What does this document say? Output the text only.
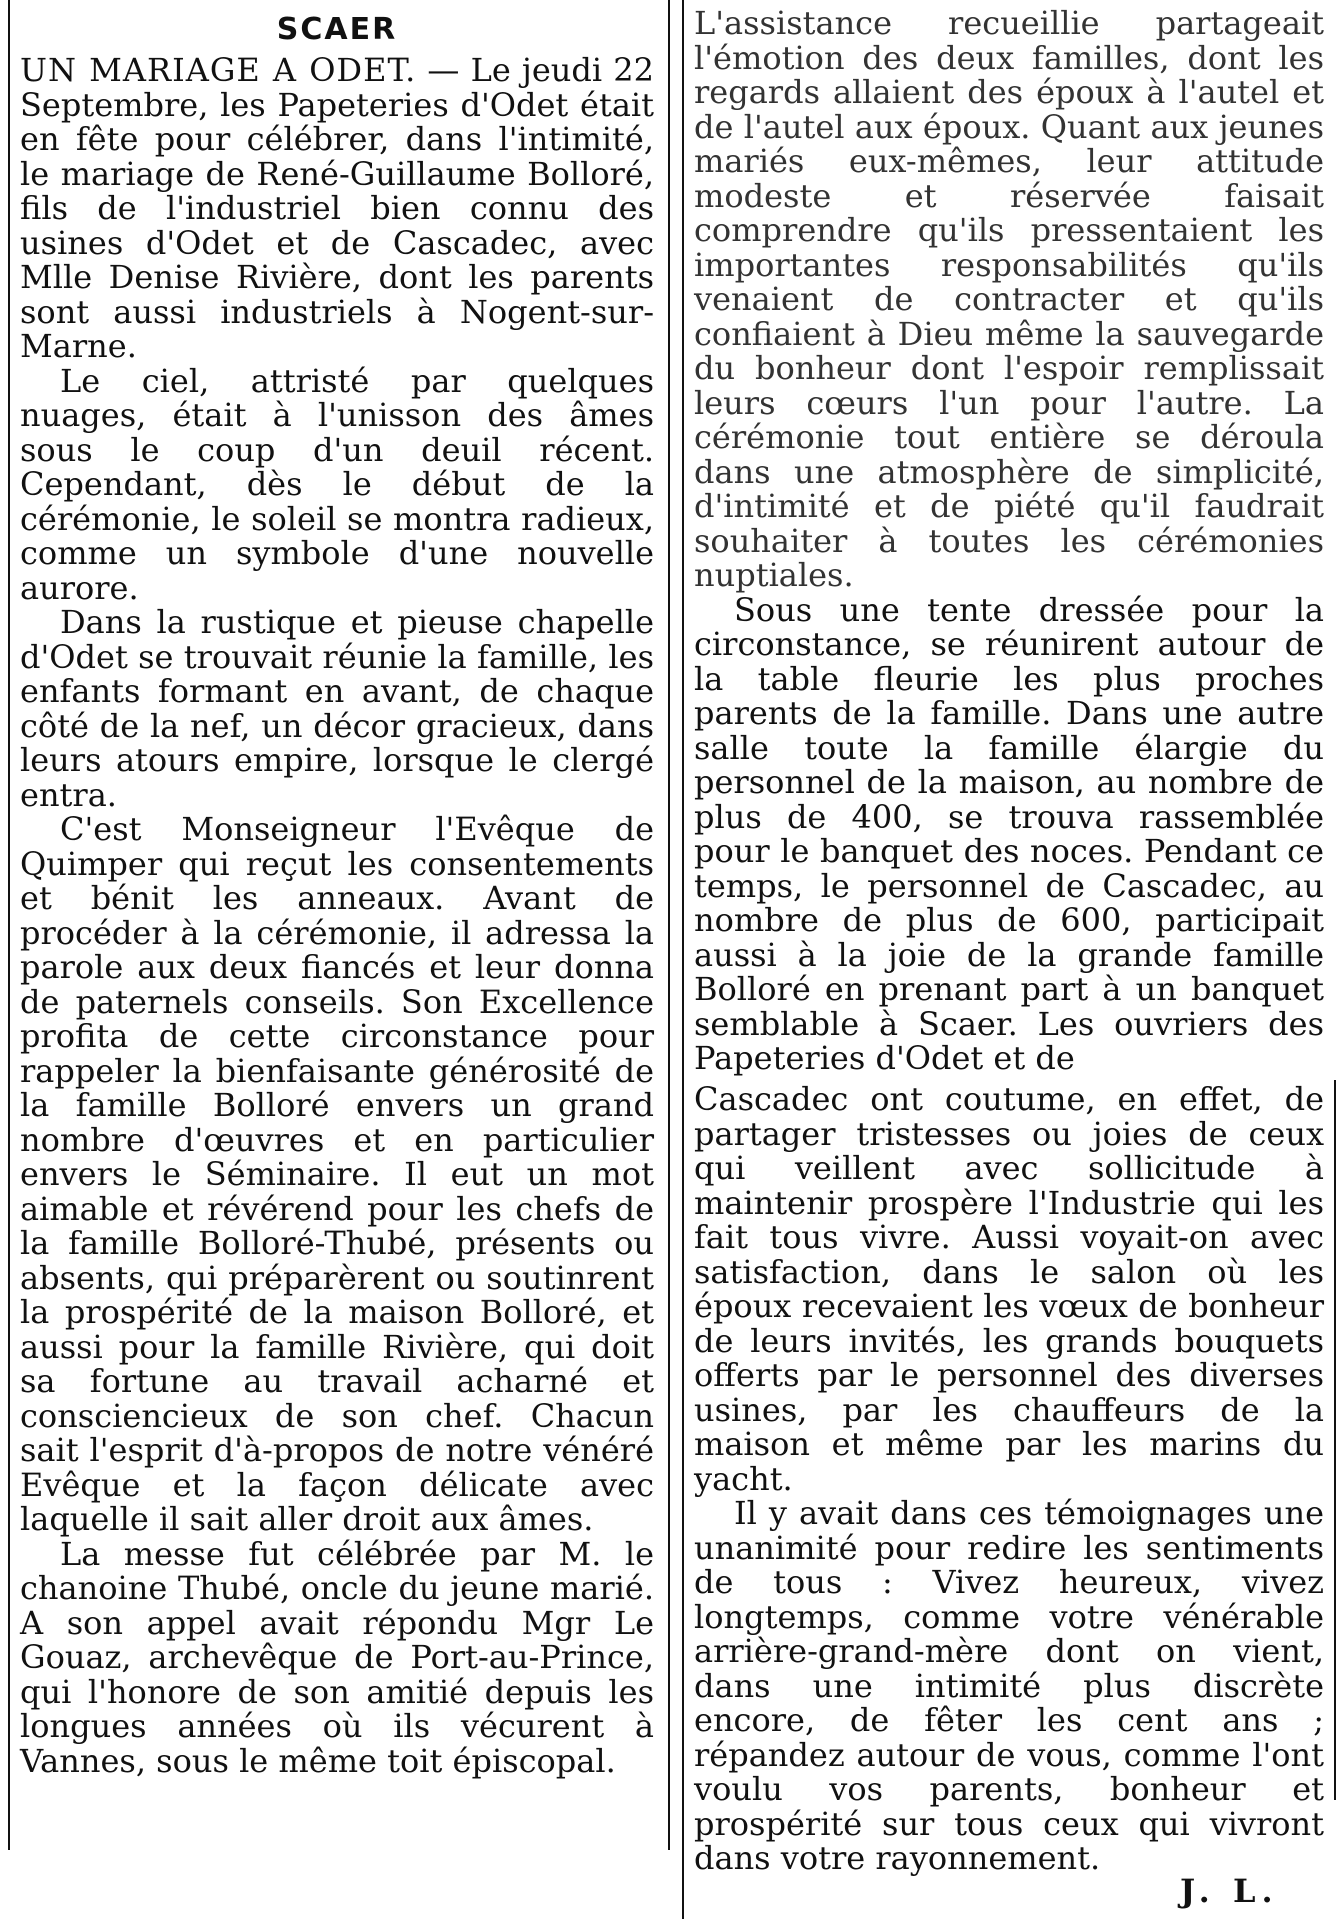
SCAER

UN MARIAGE A ODET. — Le jeudi 22 Septembre, les Papeteries d'Odet était en fête pour célébrer, dans l'intimité, le mariage de René-Guillaume Bolloré, fils de l'industriel bien connu des usines d'Odet et de Cascadec, avec Mlle Denise Rivière, dont les parents sont aussi industriels à Nogent-sur-Marne.

Le ciel, attristé par quelques nuages, était à l'unisson des âmes sous le coup d'un deuil récent. Cependant, dès le début de la cérémonie, le soleil se montra radieux, comme un symbole d'une nouvelle aurore.

Dans la rustique et pieuse chapelle d'Odet se trouvait réunie la famille, les enfants formant en avant, de chaque côté de la nef, un décor gracieux, dans leurs atours empire, lorsque le clergé entra.

C'est Monseigneur l'Evêque de Quimper qui reçut les consentements et bénit les anneaux. Avant de procéder à la cérémonie, il adressa la parole aux deux fiancés et leur donna de paternels conseils. Son Excellence profita de cette circonstance pour rappeler la bienfaisante générosité de la famille Bolloré envers un grand nombre d'œuvres et en particulier envers le Séminaire. Il eut un mot aimable et révérend pour les chefs de la famille Bolloré-Thubé, présents ou absents, qui préparèrent ou soutinrent la prospérité de la maison Bolloré, et aussi pour la famille Rivière, qui doit sa fortune au travail acharné et consciencieux de son chef. Chacun sait l'esprit d'à-propos de notre vénéré Evêque et la façon délicate avec laquelle il sait aller droit aux âmes.

La messe fut célébrée par M. le chanoine Thubé, oncle du jeune marié. A son appel avait répondu Mgr Le Gouaz, archevêque de Port-au-Prince, qui l'honore de son amitié depuis les longues années où ils vécurent à Vannes, sous le même toit épiscopal.

L'assistance recueillie partageait l'émotion des deux familles, dont les regards allaient des époux à l'autel et de l'autel aux époux. Quant aux jeunes mariés eux-mêmes, leur attitude modeste et réservée faisait comprendre qu'ils pressentaient les importantes responsabilités qu'ils venaient de contracter et qu'ils confiaient à Dieu même la sauvegarde du bonheur dont l'espoir remplissait leurs cœurs l'un pour l'autre. La cérémonie tout entière se déroula dans une atmosphère de simplicité, d'intimité et de piété qu'il faudrait souhaiter à toutes les cérémonies nuptiales.

Sous une tente dressée pour la circonstance, se réunirent autour de la table fleurie les plus proches parents de la famille. Dans une autre salle toute la famille élargie du personnel de la maison, au nombre de plus de 400, se trouva rassemblée pour le banquet des noces. Pendant ce temps, le personnel de Cascadec, au nombre de plus de 600, participait aussi à la joie de la grande famille Bolloré en prenant part à un banquet semblable à Scaer. Les ouvriers des Papeteries d'Odet et de

Cascadec ont coutume, en effet, de partager tristesses ou joies de ceux qui veillent avec sollicitude à maintenir prospère l'Industrie qui les fait tous vivre. Aussi voyait-on avec satisfaction, dans le salon où les époux recevaient les vœux de bonheur de leurs invités, les grands bouquets offerts par le personnel des diverses usines, par les chauffeurs de la maison et même par les marins du yacht.

Il y avait dans ces témoignages une unanimité pour redire les sentiments de tous : Vivez heureux, vivez longtemps, comme votre vénérable arrière-grand-mère dont on vient, dans une intimité plus discrète encore, de fêter les cent ans ; répandez autour de vous, comme l'ont voulu vos parents, bonheur et prospérité sur tous ceux qui vivront dans votre rayonnement.

J. L.
